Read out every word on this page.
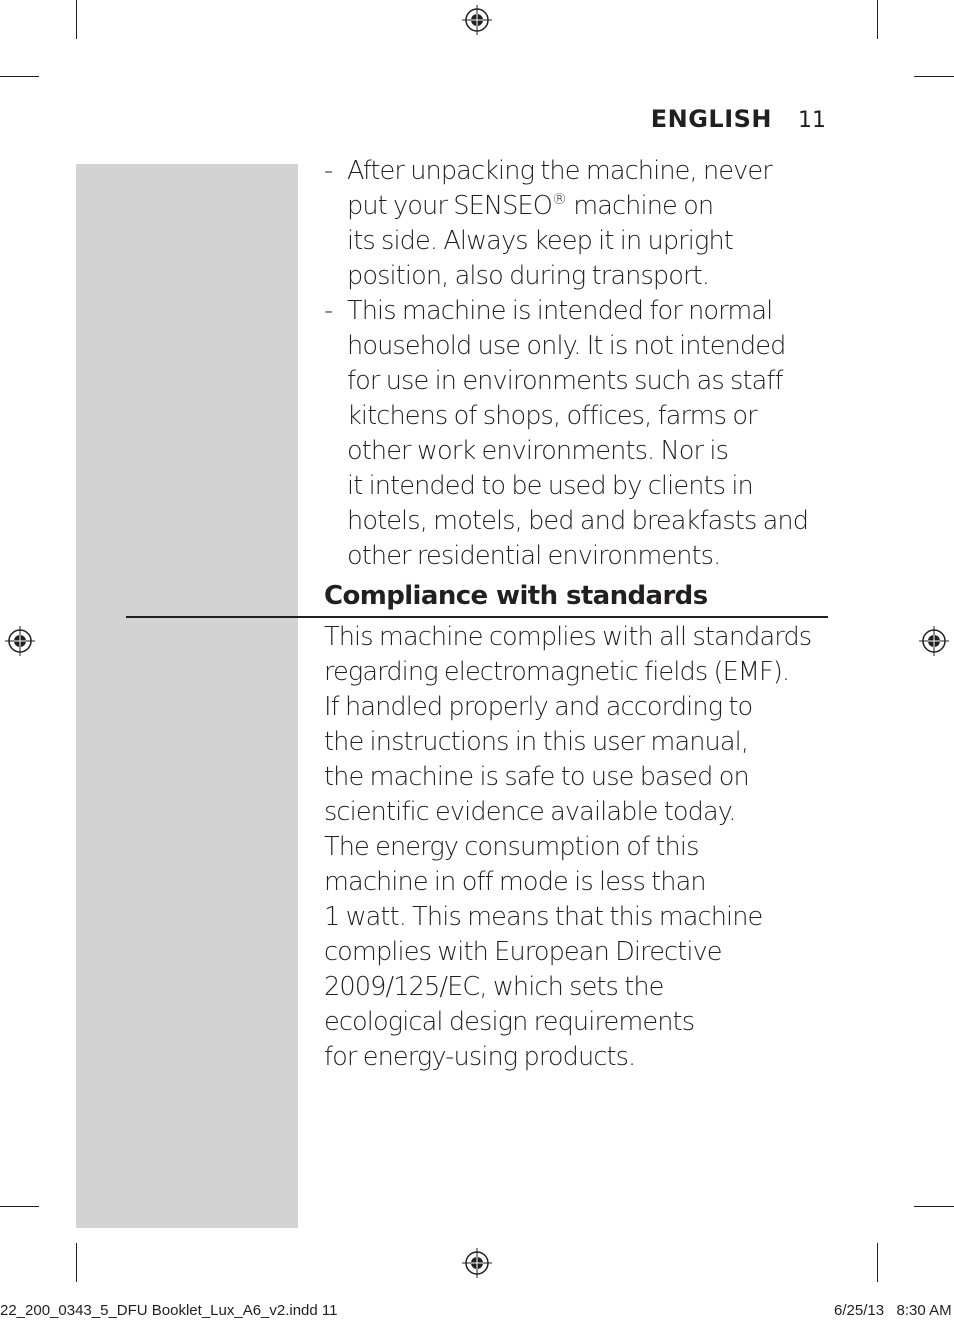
ENGLISH 11
- After unpacking the machine, never
put your SENSEO® machine on
its side. Always keep it in upright
position, also during transport.
- This machine is intended for normal
household use only. It is not intended
for use in environments such as staff
kitchens of shops, offices, farms or
other work environments. Nor is
it intended to be used by clients in
hotels, motels, bed and breakfasts and
other residential environments.
Compliance with standards
This machine complies with all standards
regarding electromagnetic fields (EMF).
If handled properly and according to
the instructions in this user manual,
the machine is safe to use based on
scientific evidence available today.
The energy consumption of this
machine in off mode is less than
1 watt. This means that this machine
complies with European Directive
2009/125/EC, which sets the
ecological design requirements
for energy-using products.
22_200_0343_5_DFU Booklet_Lux_A6_v2.indd 11	6/25/13   8:30 AM
